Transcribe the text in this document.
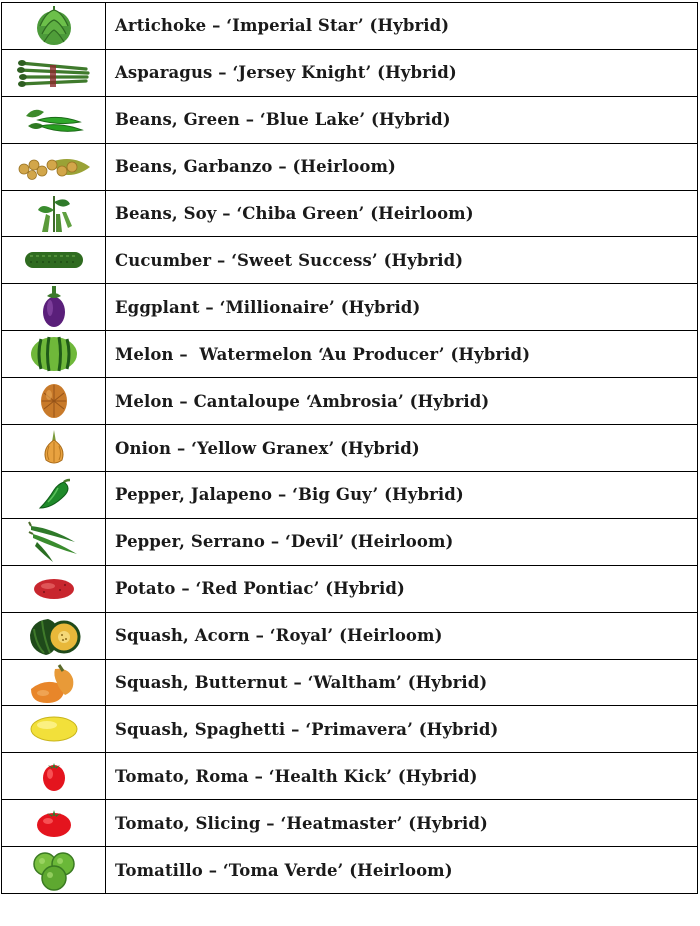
	Artichoke – ‘Imperial Star’ (Hybrid)

	Asparagus – ‘Jersey Knight’ (Hybrid)

	Beans, Green – ‘Blue Lake’ (Hybrid)

	Beans, Garbanzo – (Heirloom)

	Beans, Soy – ‘Chiba Green’ (Heirloom)

	Cucumber – ‘Sweet Success’ (Hybrid)

	Eggplant – ‘Millionaire’ (Hybrid)

	Melon –  Watermelon ‘Au Producer’ (Hybrid)

	Melon – Cantaloupe ‘Ambrosia’ (Hybrid)

	Onion – ‘Yellow Granex’ (Hybrid)

	Pepper, Jalapeno – ‘Big Guy’ (Hybrid)

	Pepper, Serrano – ‘Devil’ (Heirloom)

	Potato – ‘Red Pontiac’ (Hybrid)

	Squash, Acorn – ‘Royal’ (Heirloom)

	Squash, Butternut – ‘Waltham’ (Hybrid)

	Squash, Spaghetti – ‘Primavera’ (Hybrid)

	Tomato, Roma – ‘Health Kick’ (Hybrid)

	Tomato, Slicing – ‘Heatmaster’ (Hybrid)

	Tomatillo – ‘Toma Verde’ (Heirloom)
